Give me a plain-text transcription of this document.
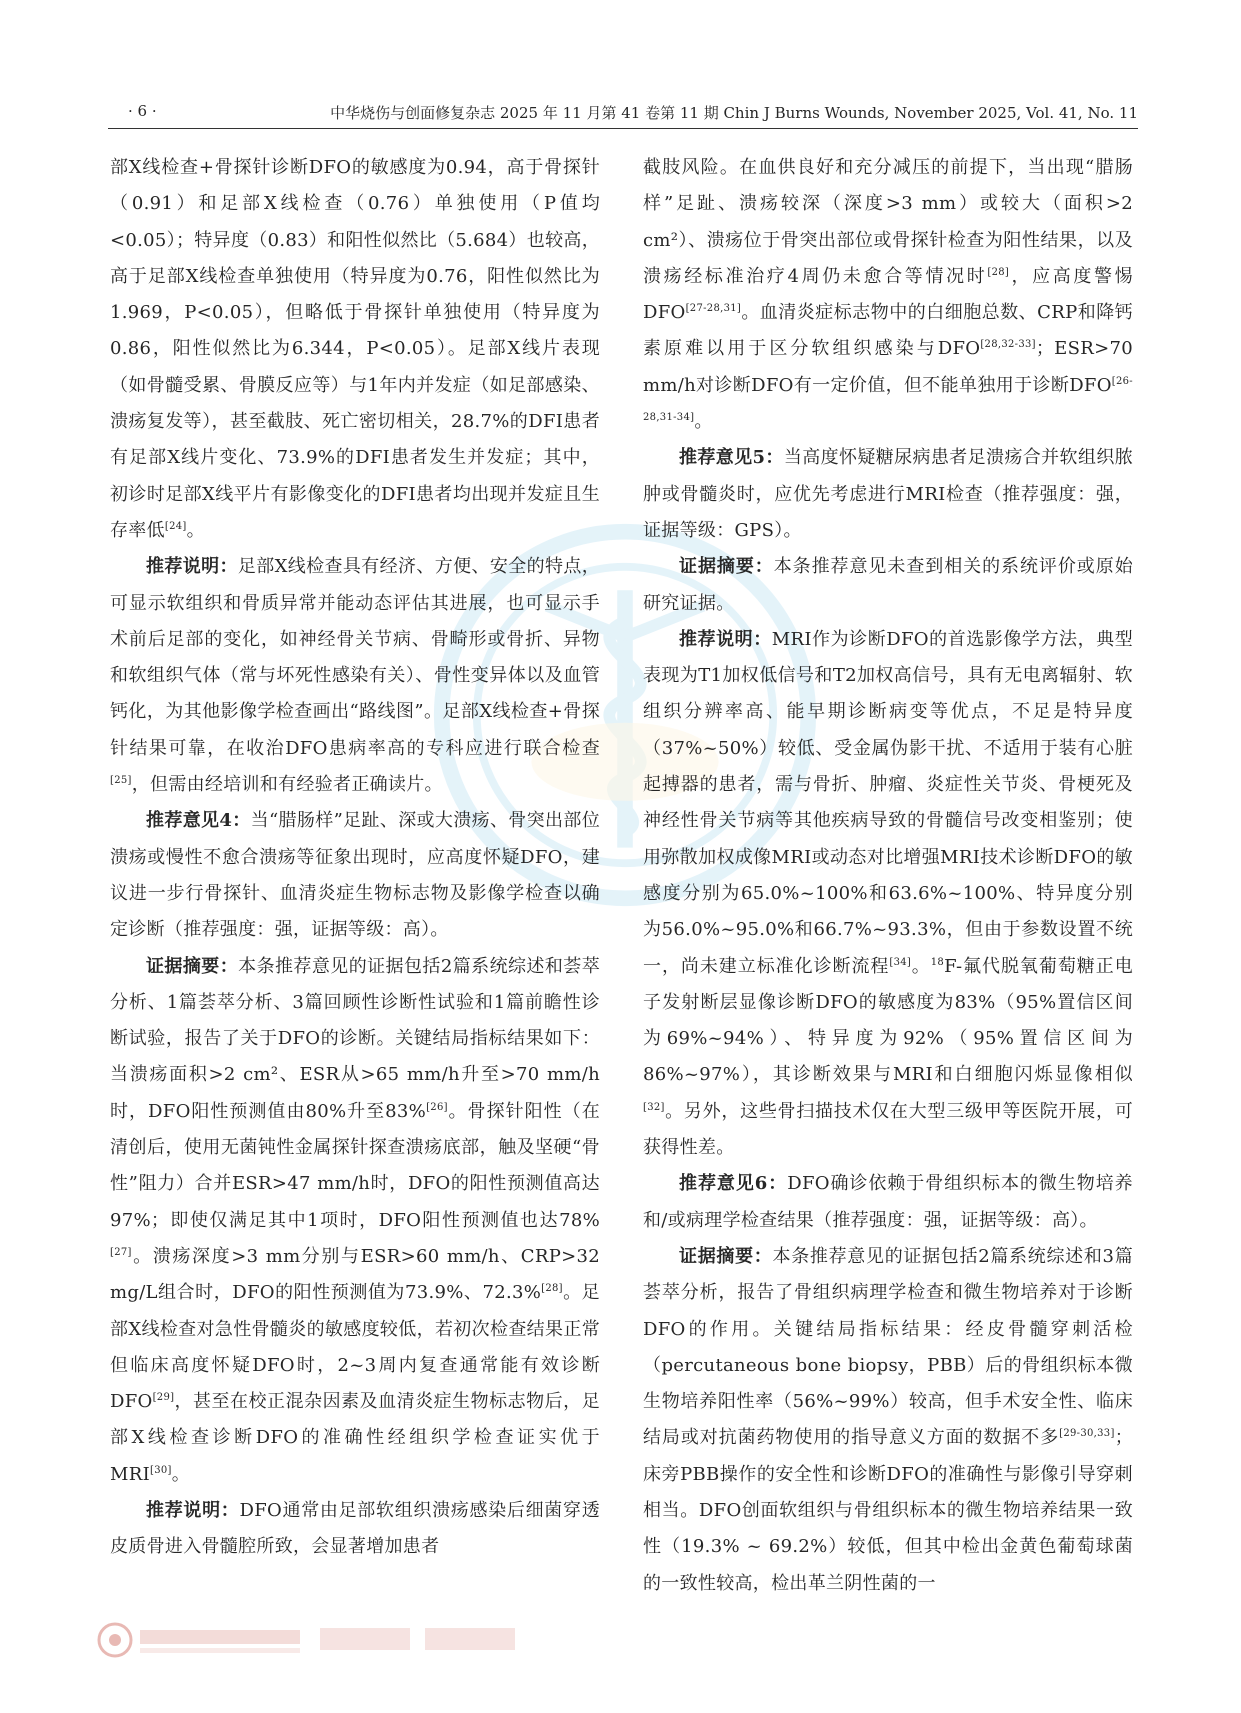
· 6 ·	中华烧伤与创面修复杂志 2025 年 11 月第 41 卷第 11 期 Chin J Burns Wounds, November 2025, Vol. 41, No. 11

部X线检查+骨探针诊断DFO的敏感度为0.94，高于骨探针（0.91）和足部X线检查（0.76）单独使用（P值均<0.05）；特异度（0.83）和阳性似然比（5.684）也较高，高于足部X线检查单独使用（特异度为0.76，阳性似然比为1.969，P<0.05），但略低于骨探针单独使用（特异度为0.86，阳性似然比为6.344，P<0.05）。足部X线片表现（如骨髓受累、骨膜反应等）与1年内并发症（如足部感染、溃疡复发等），甚至截肢、死亡密切相关，28.7%的DFI患者有足部X线片变化、73.9%的DFI患者发生并发症；其中，初诊时足部X线平片有影像变化的DFI患者均出现并发症且生存率低[24]。

推荐说明：足部X线检查具有经济、方便、安全的特点，可显示软组织和骨质异常并能动态评估其进展，也可显示手术前后足部的变化，如神经骨关节病、骨畸形或骨折、异物和软组织气体（常与坏死性感染有关）、骨性变异体以及血管钙化，为其他影像学检查画出“路线图”。足部X线检查+骨探针结果可靠，在收治DFO患病率高的专科应进行联合检查[25]，但需由经培训和有经验者正确读片。

推荐意见4：当“腊肠样”足趾、深或大溃疡、骨突出部位溃疡或慢性不愈合溃疡等征象出现时，应高度怀疑DFO，建议进一步行骨探针、血清炎症生物标志物及影像学检查以确定诊断（推荐强度：强，证据等级：高）。

证据摘要：本条推荐意见的证据包括2篇系统综述和荟萃分析、1篇荟萃分析、3篇回顾性诊断性试验和1篇前瞻性诊断试验，报告了关于DFO的诊断。关键结局指标结果如下：当溃疡面积>2 cm²、ESR从>65 mm/h升至>70 mm/h时，DFO阳性预测值由80%升至83%[26]。骨探针阳性（在清创后，使用无菌钝性金属探针探查溃疡底部，触及坚硬“骨性”阻力）合并ESR>47 mm/h时，DFO的阳性预测值高达97%；即使仅满足其中1项时，DFO阳性预测值也达78%[27]。溃疡深度>3 mm分别与ESR>60 mm/h、CRP>32 mg/L组合时，DFO的阳性预测值为73.9%、72.3%[28]。足部X线检查对急性骨髓炎的敏感度较低，若初次检查结果正常但临床高度怀疑DFO时，2~3周内复查通常能有效诊断DFO[29]，甚至在校正混杂因素及血清炎症生物标志物后，足部X线检查诊断DFO的准确性经组织学检查证实优于MRI[30]。

推荐说明：DFO通常由足部软组织溃疡感染后细菌穿透皮质骨进入骨髓腔所致，会显著增加患者

截肢风险。在血供良好和充分减压的前提下，当出现“腊肠样”足趾、溃疡较深（深度>3 mm）或较大（面积>2 cm²）、溃疡位于骨突出部位或骨探针检查为阳性结果，以及溃疡经标准治疗4周仍未愈合等情况时[28]，应高度警惕DFO[27-28,31]。血清炎症标志物中的白细胞总数、CRP和降钙素原难以用于区分软组织感染与DFO[28,32-33]；ESR>70 mm/h对诊断DFO有一定价值，但不能单独用于诊断DFO[26-28,31-34]。

推荐意见5：当高度怀疑糖尿病患者足溃疡合并软组织脓肿或骨髓炎时，应优先考虑进行MRI检查（推荐强度：强，证据等级：GPS）。

证据摘要：本条推荐意见未查到相关的系统评价或原始研究证据。

推荐说明：MRI作为诊断DFO的首选影像学方法，典型表现为T1加权低信号和T2加权高信号，具有无电离辐射、软组织分辨率高、能早期诊断病变等优点，不足是特异度（37%~50%）较低、受金属伪影干扰、不适用于装有心脏起搏器的患者，需与骨折、肿瘤、炎症性关节炎、骨梗死及神经性骨关节病等其他疾病导致的骨髓信号改变相鉴别；使用弥散加权成像MRI或动态对比增强MRI技术诊断DFO的敏感度分别为65.0%~100%和63.6%~100%、特异度分别为56.0%~95.0%和66.7%~93.3%，但由于参数设置不统一，尚未建立标准化诊断流程[34]。$^{18}$F-氟代脱氧葡萄糖正电子发射断层显像诊断DFO的敏感度为83%（95%置信区间为69%~94%）、特异度为92%（95%置信区间为86%~97%），其诊断效果与MRI和白细胞闪烁显像相似[32]。另外，这些骨扫描技术仅在大型三级甲等医院开展，可获得性差。

推荐意见6：DFO确诊依赖于骨组织标本的微生物培养和/或病理学检查结果（推荐强度：强，证据等级：高）。

证据摘要：本条推荐意见的证据包括2篇系统综述和3篇荟萃分析，报告了骨组织病理学检查和微生物培养对于诊断DFO的作用。关键结局指标结果：经皮骨髓穿刺活检（percutaneous bone biopsy，PBB）后的骨组织标本微生物培养阳性率（56%~99%）较高，但手术安全性、临床结局或对抗菌药物使用的指导意义方面的数据不多[29-30,33]；床旁PBB操作的安全性和诊断DFO的准确性与影像引导穿刺相当。DFO创面软组织与骨组织标本的微生物培养结果一致性（19.3% ~ 69.2%）较低，但其中检出金黄色葡萄球菌的一致性较高，检出革兰阴性菌的一
